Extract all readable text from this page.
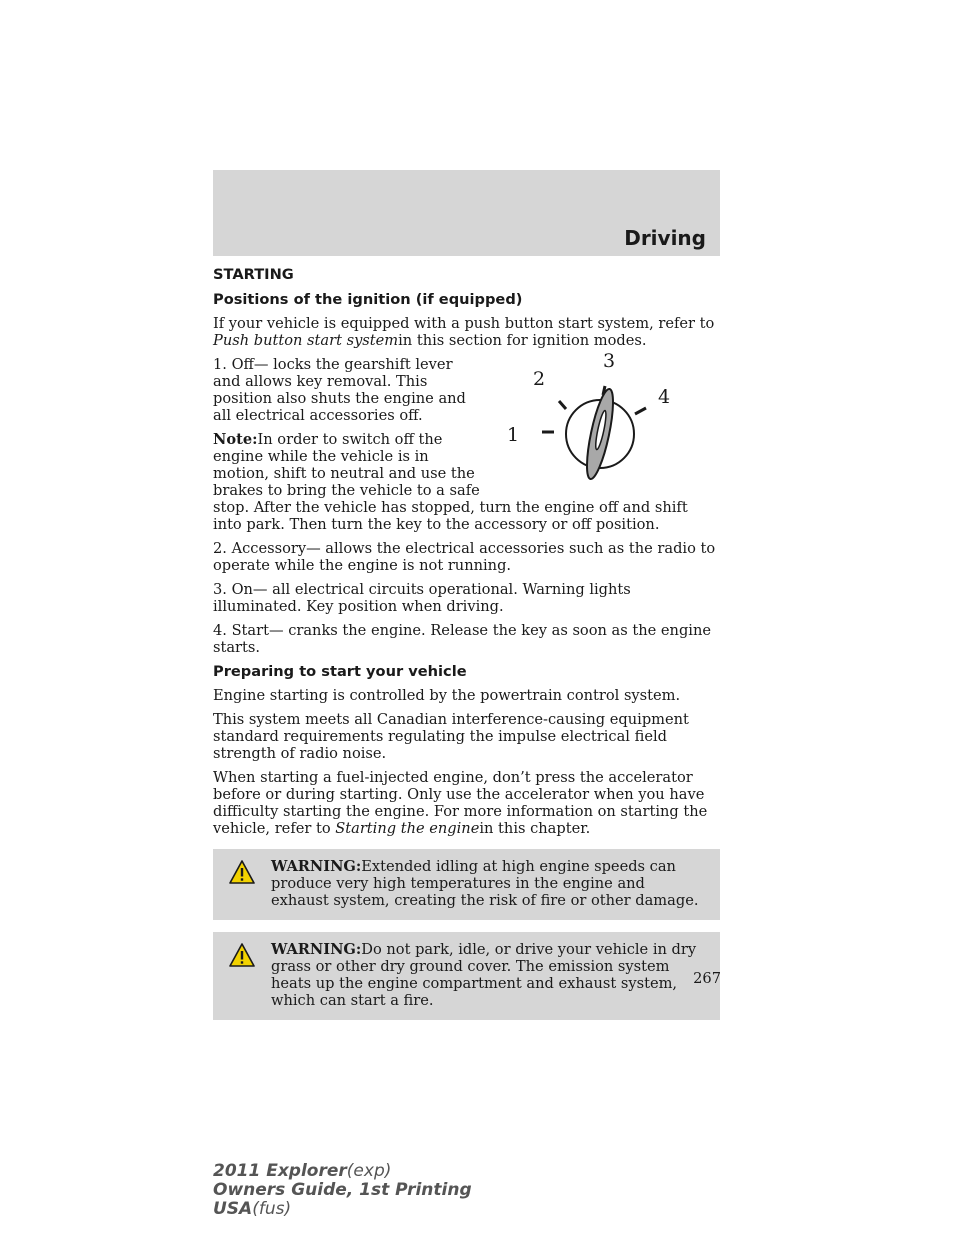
Driving
STARTING
Positions of the ignition (if equipped)

If your vehicle is equipped with a push button start system, refer to Push button start systemin this section for ignition modes.

1
2
3
4

1. Off— locks the gearshift lever and allows key removal. This position also shuts the engine and all electrical accessories off.

Note:In order to switch off the engine while the vehicle is in motion, shift to neutral and use the brakes to bring the vehicle to a safe stop. After the vehicle has stopped, turn the engine off and shift into park. Then turn the key to the accessory or off position.

2. Accessory— allows the electrical accessories such as the radio to operate while the engine is not running.

3. On— all electrical circuits operational. Warning lights illuminated. Key position when driving.

4. Start— cranks the engine. Release the key as soon as the engine starts.

Preparing to start your vehicle

Engine starting is controlled by the powertrain control system.

This system meets all Canadian interference-causing equipment standard requirements regulating the impulse electrical field strength of radio noise.

When starting a fuel-injected engine, don’t press the accelerator before or during starting. Only use the accelerator when you have difficulty starting the engine. For more information on starting the vehicle, refer to Starting the enginein this chapter.

WARNING:Extended idling at high engine speeds can produce very high temperatures in the engine and exhaust system, creating the risk of fire or other damage.
WARNING:Do not park, idle, or drive your vehicle in dry grass or other dry ground cover. The emission system heats up the engine compartment and exhaust system, which can start a fire.
267
2011 Explorer(exp)
Owners Guide, 1st Printing
USA(fus)
